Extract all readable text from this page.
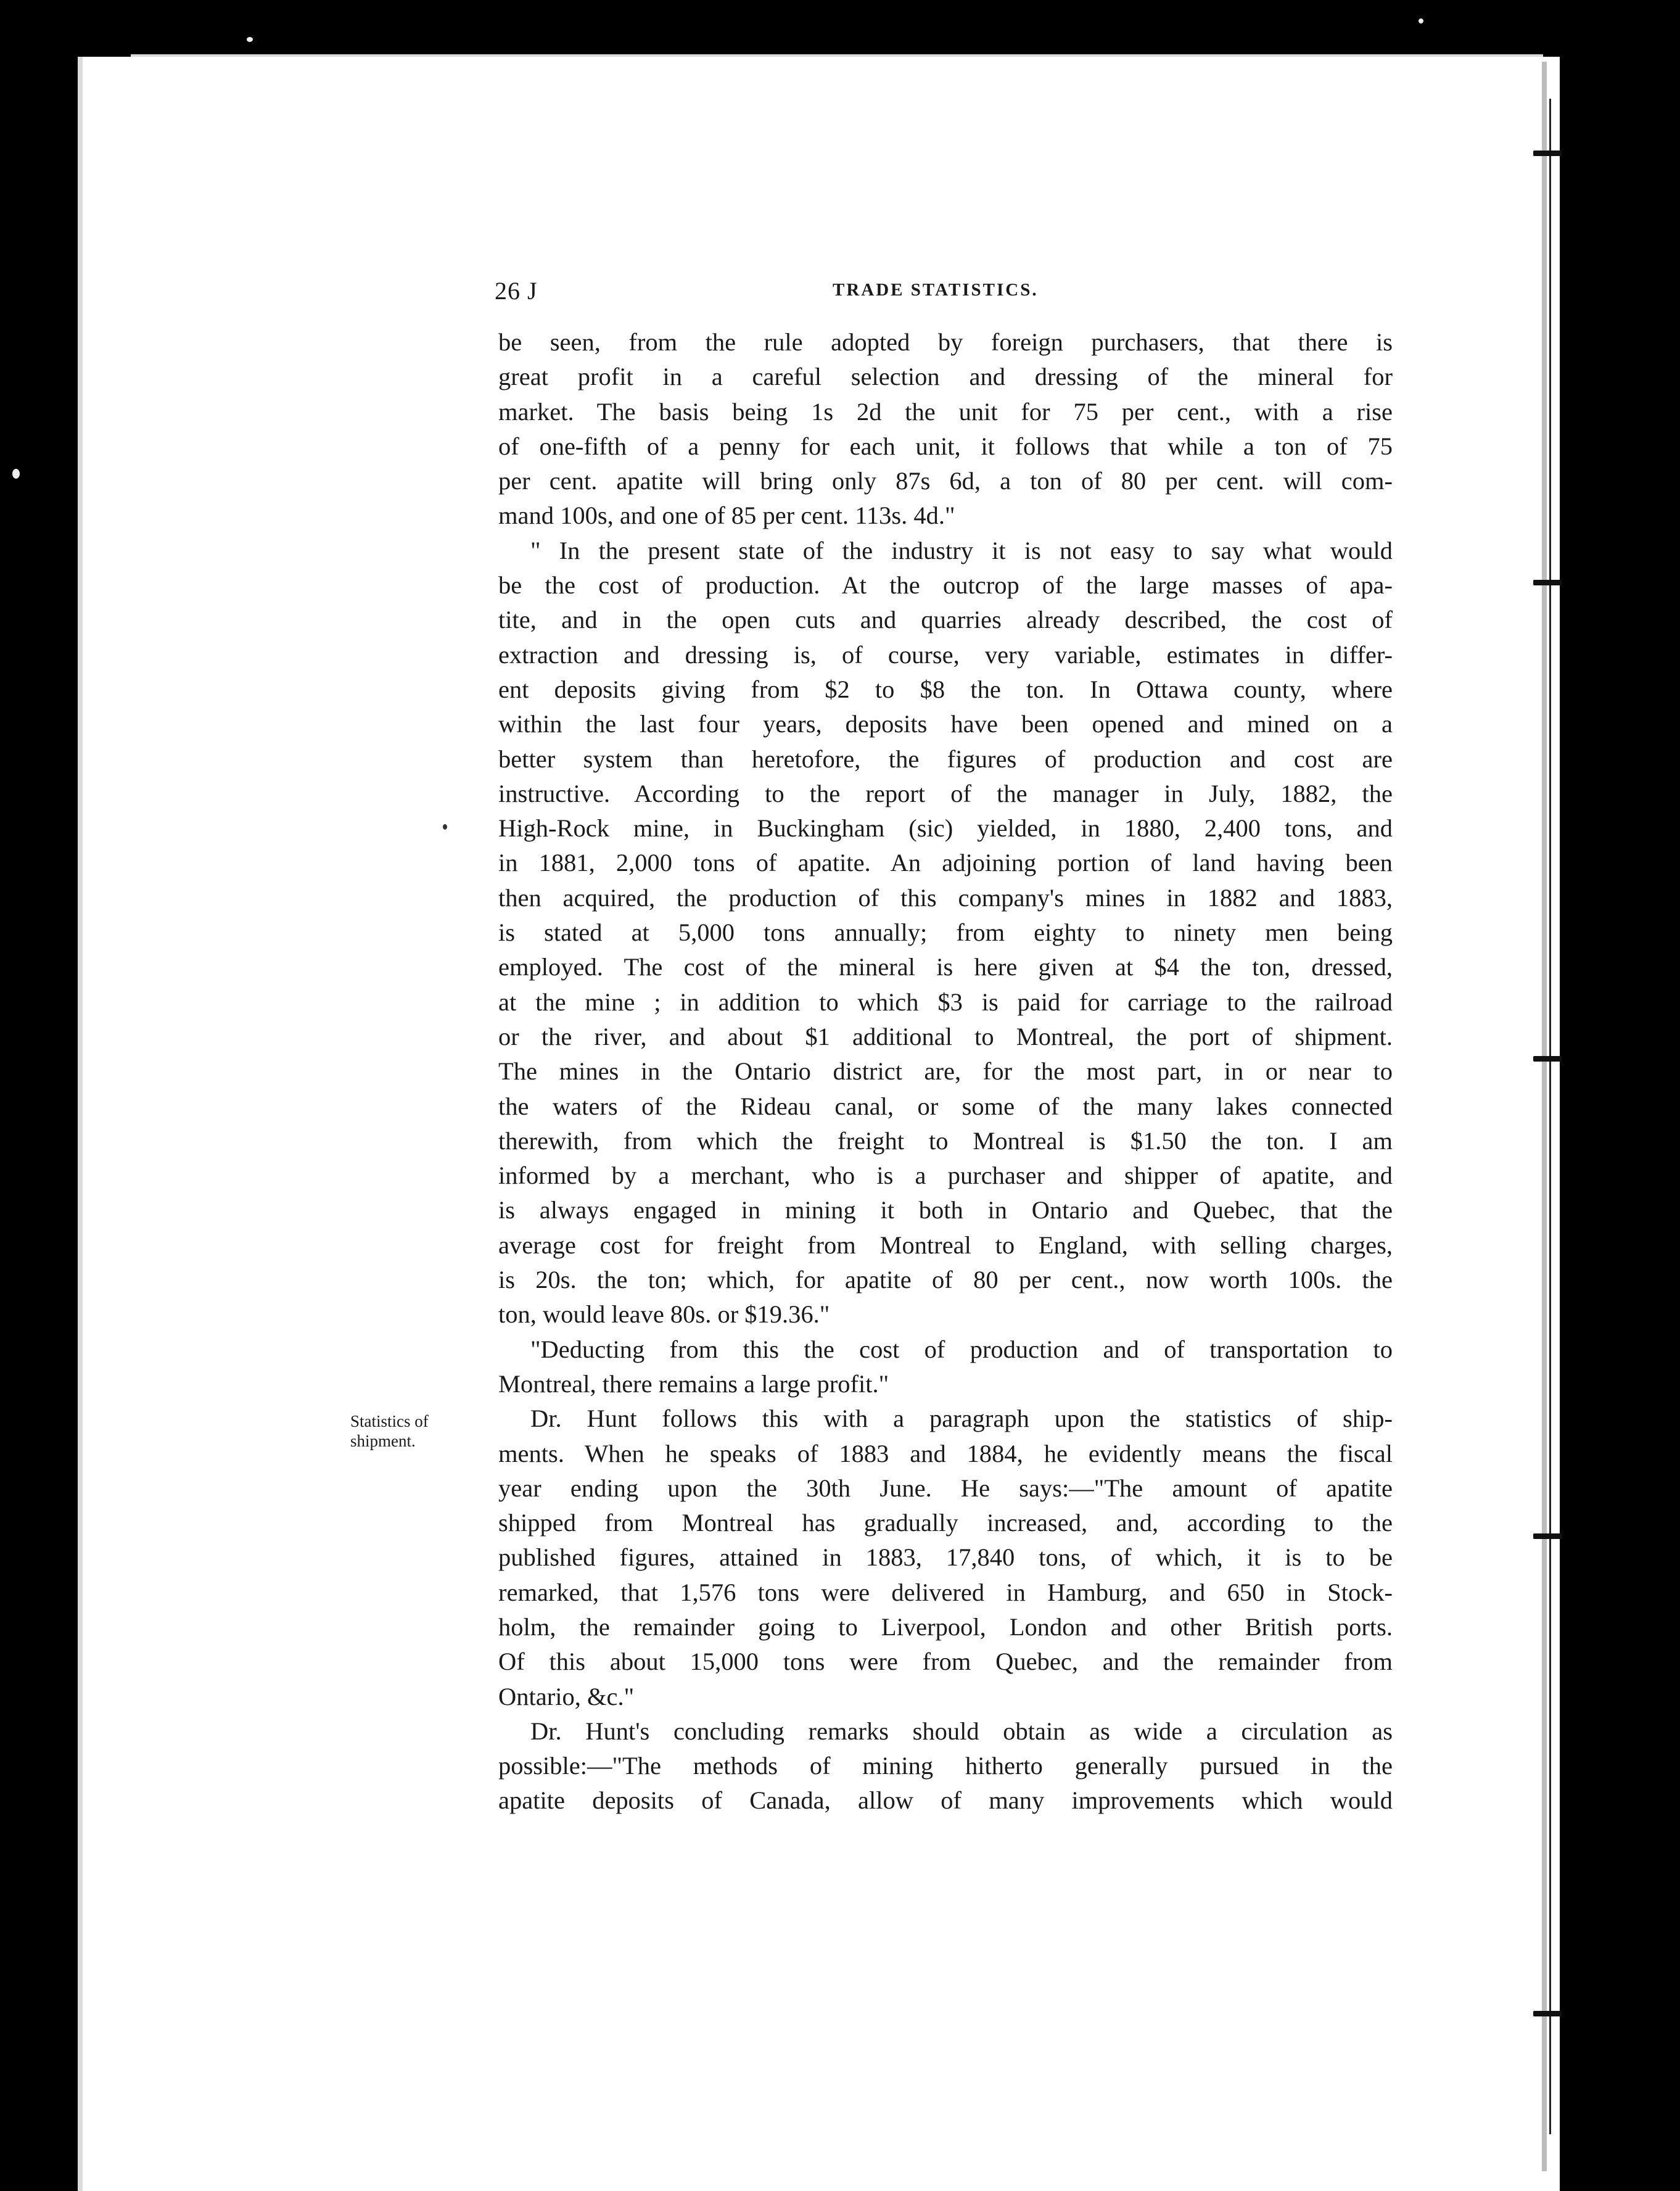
26 J	TRADE STATISTICS.
Statistics of
shipment.
be seen, from the rule adopted by foreign purchasers, that there is
great profit in a careful selection and dressing of the mineral for
market. The basis being 1s 2d the unit for 75 per cent., with a rise
of one-fifth of a penny for each unit, it follows that while a ton of 75
per cent. apatite will bring only 87s 6d, a ton of 80 per cent. will com-
mand 100s, and one of 85 per cent. 113s. 4d."
" In the present state of the industry it is not easy to say what would
be the cost of production. At the outcrop of the large masses of apa-
tite, and in the open cuts and quarries already described, the cost of
extraction and dressing is, of course, very variable, estimates in differ-
ent deposits giving from $2 to $8 the ton. In Ottawa county, where
within the last four years, deposits have been opened and mined on a
better system than heretofore, the figures of production and cost are
instructive. According to the report of the manager in July, 1882, the
High-Rock mine, in Buckingham (sic) yielded, in 1880, 2,400 tons, and
in 1881, 2,000 tons of apatite. An adjoining portion of land having been
then acquired, the production of this company's mines in 1882 and 1883,
is stated at 5,000 tons annually; from eighty to ninety men being
employed. The cost of the mineral is here given at $4 the ton, dressed,
at the mine ; in addition to which $3 is paid for carriage to the railroad
or the river, and about $1 additional to Montreal, the port of shipment.
The mines in the Ontario district are, for the most part, in or near to
the waters of the Rideau canal, or some of the many lakes connected
therewith, from which the freight to Montreal is $1.50 the ton. I am
informed by a merchant, who is a purchaser and shipper of apatite, and
is always engaged in mining it both in Ontario and Quebec, that the
average cost for freight from Montreal to England, with selling charges,
is 20s. the ton; which, for apatite of 80 per cent., now worth 100s. the
ton, would leave 80s. or $19.36."
"Deducting from this the cost of production and of transportation to
Montreal, there remains a large profit."
Dr. Hunt follows this with a paragraph upon the statistics of ship-
ments. When he speaks of 1883 and 1884, he evidently means the fiscal
year ending upon the 30th June. He says:—"The amount of apatite
shipped from Montreal has gradually increased, and, according to the
published figures, attained in 1883, 17,840 tons, of which, it is to be
remarked, that 1,576 tons were delivered in Hamburg, and 650 in Stock-
holm, the remainder going to Liverpool, London and other British ports.
Of this about 15,000 tons were from Quebec, and the remainder from
Ontario, &c."
Dr. Hunt's concluding remarks should obtain as wide a circulation as
possible:—"The methods of mining hitherto generally pursued in the
apatite deposits of Canada, allow of many improvements which would
